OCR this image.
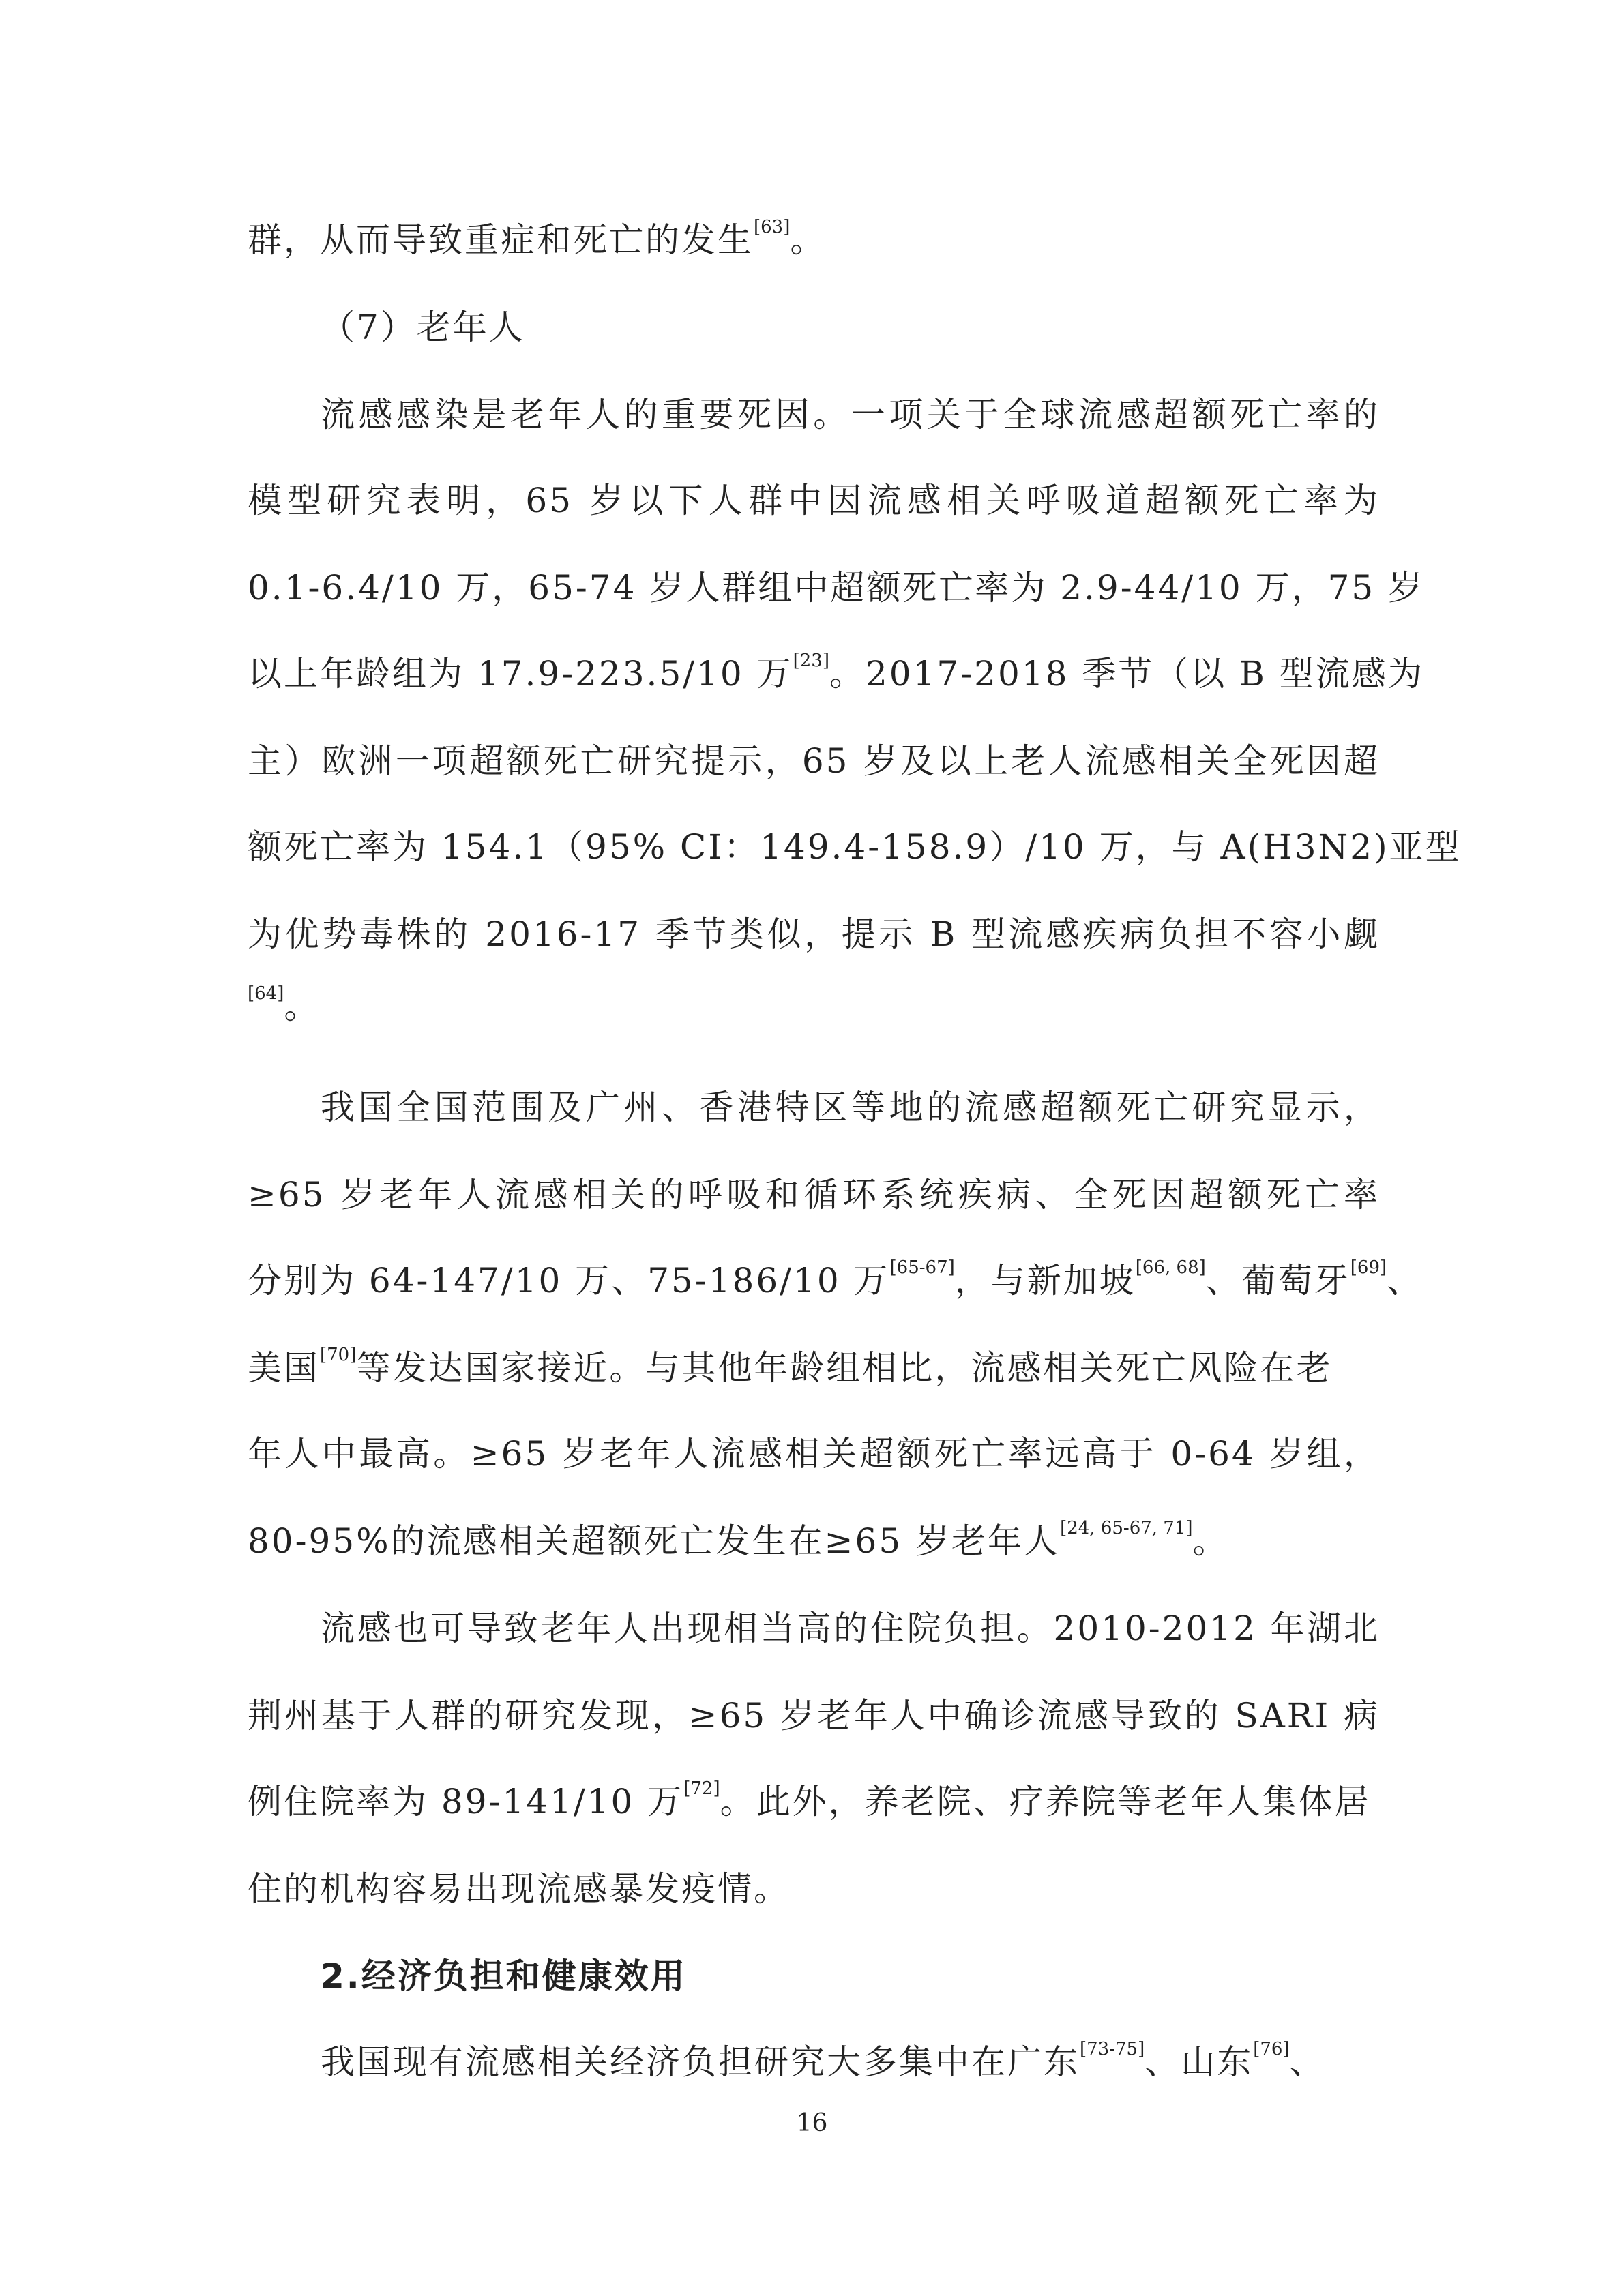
群，从而导致重症和死亡的发生[63]。
（7）老年人
流感感染是老年人的重要死因。一项关于全球流感超额死亡率的
模型研究表明，65 岁以下人群中因流感相关呼吸道超额死亡率为
0.1-6.4/10 万，65-74 岁人群组中超额死亡率为 2.9-44/10 万，75 岁
以上年龄组为 17.9-223.5/10 万[23]。2017-2018 季节（以 B 型流感为
主）欧洲一项超额死亡研究提示，65 岁及以上老人流感相关全死因超
额死亡率为 154.1（95% CI：149.4-158.9）/10 万，与 A(H3N2)亚型
为优势毒株的 2016-17 季节类似，提示 B 型流感疾病负担不容小觑
[64]。
我国全国范围及广州、香港特区等地的流感超额死亡研究显示，
≥65 岁老年人流感相关的呼吸和循环系统疾病、全死因超额死亡率
分别为 64-147/10 万、75-186/10 万[65-67]，与新加坡[66, 68]、葡萄牙[69]、
美国[70]等发达国家接近。与其他年龄组相比，流感相关死亡风险在老
年人中最高。≥65 岁老年人流感相关超额死亡率远高于 0-64 岁组，
80-95%的流感相关超额死亡发生在≥65 岁老年人[24, 65-67, 71]。
流感也可导致老年人出现相当高的住院负担。2010-2012 年湖北
荆州基于人群的研究发现，≥65 岁老年人中确诊流感导致的 SARI 病
例住院率为 89-141/10 万[72]。此外，养老院、疗养院等老年人集体居
住的机构容易出现流感暴发疫情。
2.经济负担和健康效用
我国现有流感相关经济负担研究大多集中在广东[73-75]、山东[76]、
16
